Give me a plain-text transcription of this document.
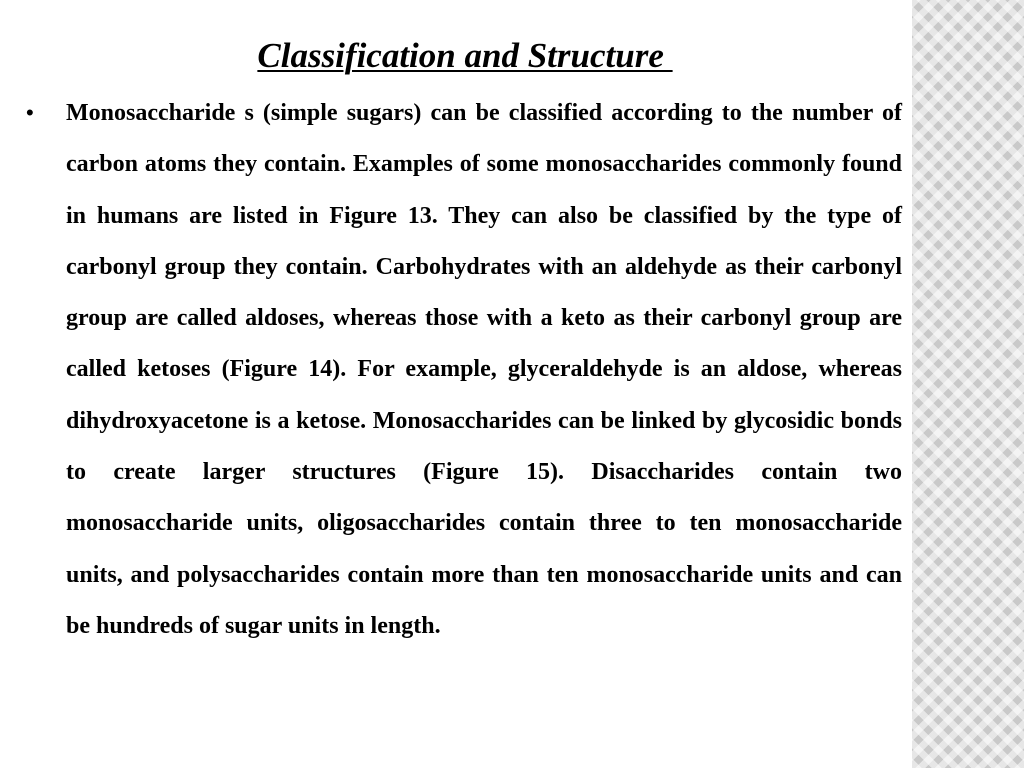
Classification and Structure
• Monosaccharide s (simple sugars) can be classified according to the number of carbon atoms they contain. Examples of some monosaccharides commonly found in humans are listed in Figure 13. They can also be classified by the type of carbonyl group they contain. Carbohydrates with an aldehyde as their carbonyl group are called aldoses, whereas those with a keto as their carbonyl group are called ketoses (Figure 14). For example, glyceraldehyde is an aldose, whereas dihydroxyacetone is a ketose. Monosaccharides can be linked by glycosidic bonds to create larger structures (Figure 15). Disaccharides contain two monosaccharide units, oligosaccharides contain three to ten monosaccharide units, and polysaccharides contain more than ten monosaccharide units and can be hundreds of sugar units in length.
